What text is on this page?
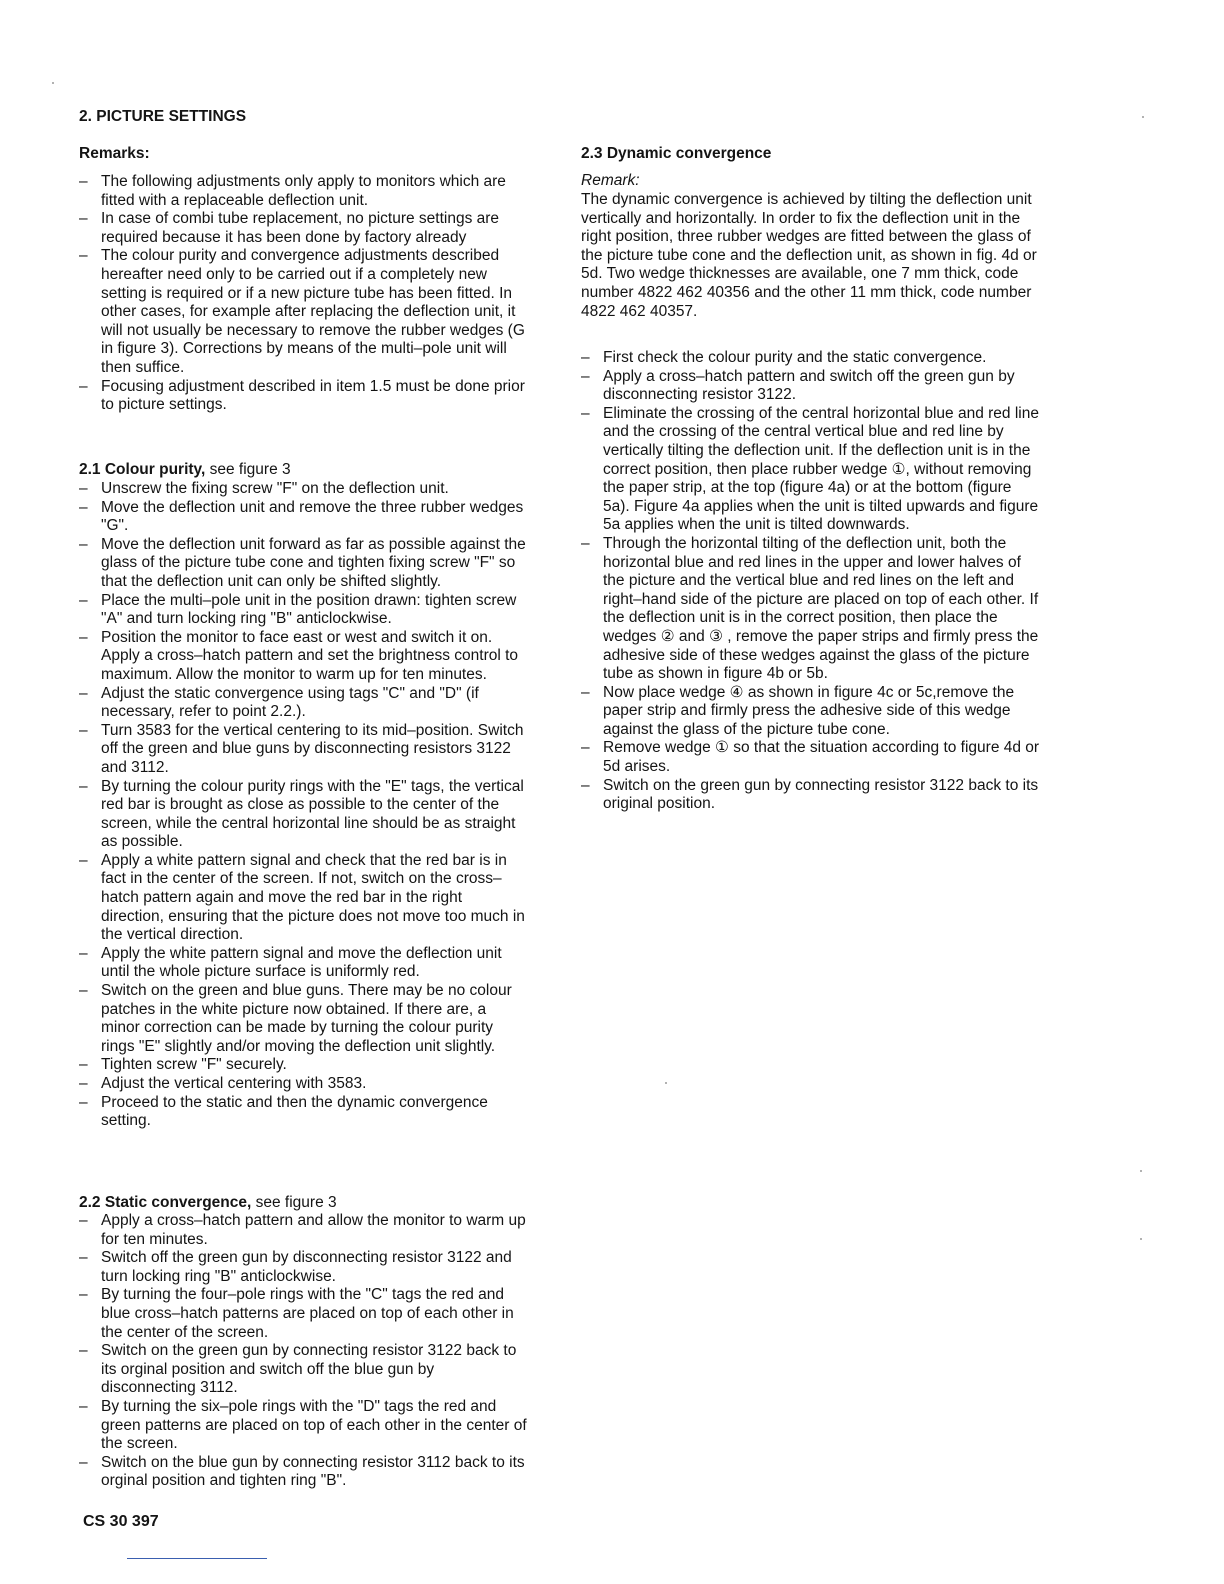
2. PICTURE SETTINGS
Remarks:
– The following adjustments only apply to monitors which are fitted with a replaceable deflection unit.
– In case of combi tube replacement, no picture settings are required because it has been done by factory already
– The colour purity and convergence adjustments described hereafter need only to be carried out if a completely new setting is required or if a new picture tube has been fitted. In other cases, for example after replacing the deflection unit, it will not usually be necessary to remove the rubber wedges (G in figure 3). Corrections by means of the multi–pole unit will then suffice.
– Focusing adjustment described in item 1.5 must be done prior to picture settings.
2.1 Colour purity, see figure 3
– Unscrew the fixing screw "F" on the deflection unit.
– Move the deflection unit and remove the three rubber wedges "G".
– Move the deflection unit forward as far as possible against the glass of the picture tube cone and tighten fixing screw "F" so that the deflection unit can only be shifted slightly.
– Place the multi–pole unit in the position drawn: tighten screw "A" and turn locking ring "B" anticlockwise.
– Position the monitor to face east or west and switch it on. Apply a cross–hatch pattern and set the brightness control to maximum. Allow the monitor to warm up for ten minutes.
– Adjust the static convergence using tags "C" and "D" (if necessary, refer to point 2.2.).
– Turn 3583 for the vertical centering to its mid–position. Switch off the green and blue guns by disconnecting resistors 3122 and 3112.
– By turning the colour purity rings with the "E" tags, the vertical red bar is brought as close as possible to the center of the screen, while the central horizontal line should be as straight as possible.
– Apply a white pattern signal and check that the red bar is in fact in the center of the screen. If not, switch on the cross–hatch pattern again and move the red bar in the right direction, ensuring that the picture does not move too much in the vertical direction.
– Apply the white pattern signal and move the deflection unit until the whole picture surface is uniformly red.
– Switch on the green and blue guns. There may be no colour patches in the white picture now obtained. If there are, a minor correction can be made by turning the colour purity rings "E" slightly and/or moving the deflection unit slightly.
– Tighten screw "F" securely.
– Adjust the vertical centering with 3583.
– Proceed to the static and then the dynamic convergence setting.
2.2 Static convergence, see figure 3
– Apply a cross–hatch pattern and allow the monitor to warm up for ten minutes.
– Switch off the green gun by disconnecting resistor 3122 and turn locking ring "B" anticlockwise.
– By turning the four–pole rings with the "C" tags the red and blue cross–hatch patterns are placed on top of each other in the center of the screen.
– Switch on the green gun by connecting resistor 3122 back to its orginal position and switch off the blue gun by disconnecting 3112.
– By turning the six–pole rings with the "D" tags the red and green patterns are placed on top of each other in the center of the screen.
– Switch on the blue gun by connecting resistor 3112 back to its orginal position and tighten ring "B".
2.3 Dynamic convergence
Remark:
The dynamic convergence is achieved by tilting the deflection unit vertically and horizontally. In order to fix the deflection unit in the right position, three rubber wedges are fitted between the glass of the picture tube cone and the deflection unit, as shown in fig. 4d or 5d. Two wedge thicknesses are available, one 7 mm thick, code number 4822 462 40356 and the other 11 mm thick, code number 4822 462 40357.
– First check the colour purity and the static convergence.
– Apply a cross–hatch pattern and switch off the green gun by disconnecting resistor 3122.
– Eliminate the crossing of the central horizontal blue and red line and the crossing of the central vertical blue and red line by vertically tilting the deflection unit. If the deflection unit is in the correct position, then place rubber wedge ①, without removing the paper strip, at the top (figure 4a) or at the bottom (figure 5a). Figure 4a applies when the unit is tilted upwards and figure 5a applies when the unit is tilted downwards.
– Through the horizontal tilting of the deflection unit, both the horizontal blue and red lines in the upper and lower halves of the picture and the vertical blue and red lines on the left and right–hand side of the picture are placed on top of each other. If the deflection unit is in the correct position, then place the wedges ② and ③ , remove the paper strips and firmly press the adhesive side of these wedges against the glass of the picture tube as shown in figure 4b or 5b.
– Now place wedge ④ as shown in figure 4c or 5c,remove the paper strip and firmly press the adhesive side of this wedge against the glass of the picture tube cone.
– Remove wedge ① so that the situation according to figure 4d or 5d arises.
– Switch on the green gun by connecting resistor 3122 back to its original position.
CS 30 397
